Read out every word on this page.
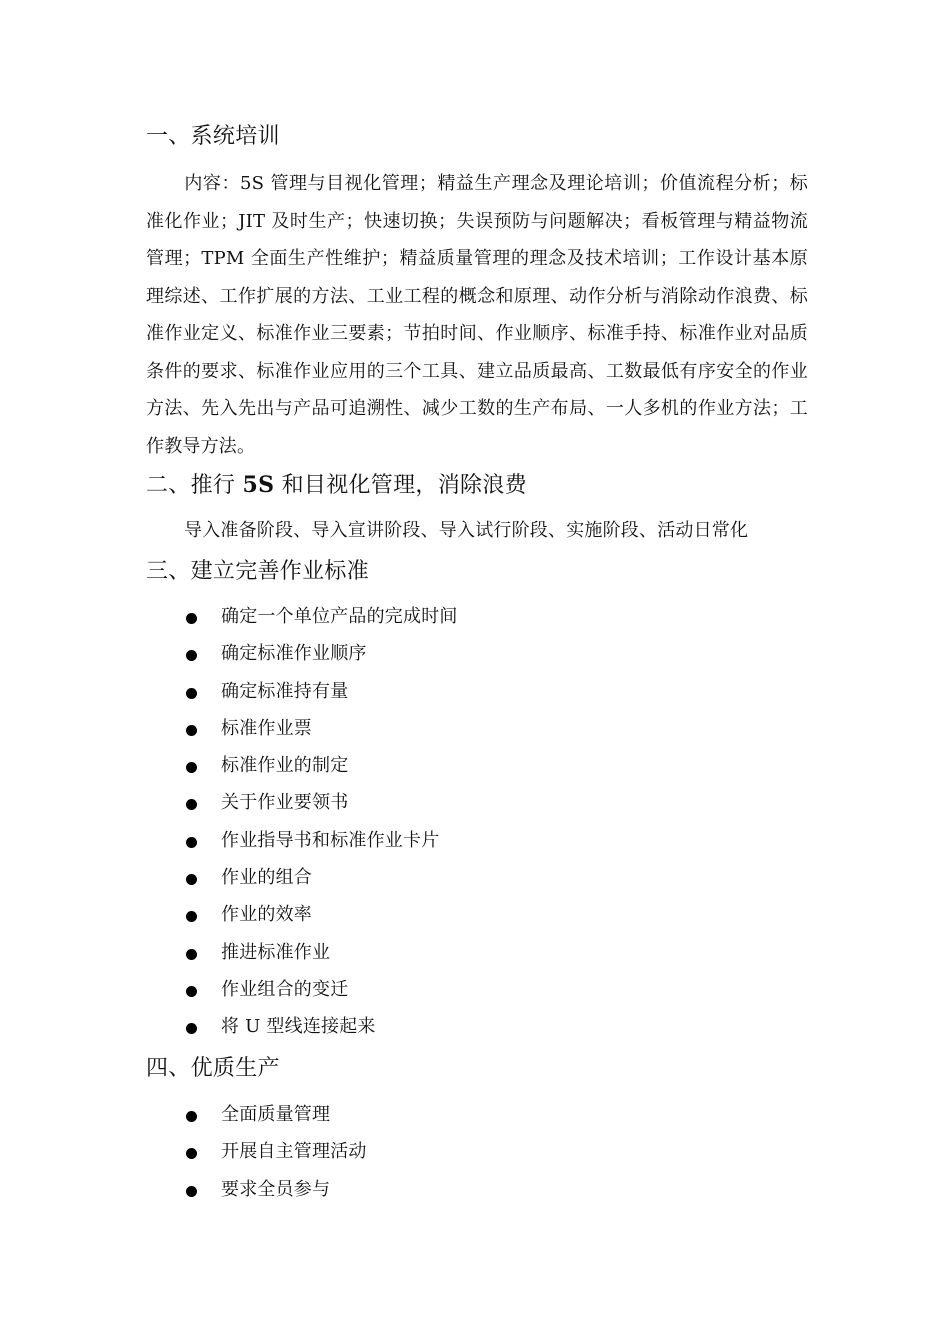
一、系统培训
内容：5S 管理与目视化管理；精益生产理念及理论培训；价值流程分析；标准化作业；JIT 及时生产；快速切换；失误预防与问题解决；看板管理与精益物流管理；TPM 全面生产性维护；精益质量管理的理念及技术培训；工作设计基本原理综述、工作扩展的方法、工业工程的概念和原理、动作分析与消除动作浪费、标准作业定义、标准作业三要素；节拍时间、作业顺序、标准手持、标准作业对品质条件的要求、标准作业应用的三个工具、建立品质最高、工数最低有序安全的作业方法、先入先出与产品可追溯性、减少工数的生产布局、一人多机的作业方法；工作教导方法。
二、推行 5S 和目视化管理，消除浪费
导入准备阶段、导入宣讲阶段、导入试行阶段、实施阶段、活动日常化
三、建立完善作业标准
确定一个单位产品的完成时间
确定标准作业顺序
确定标准持有量
标准作业票
标准作业的制定
关于作业要领书
作业指导书和标准作业卡片
作业的组合
作业的效率
推进标准作业
作业组合的变迁
将 U 型线连接起来
四、优质生产
全面质量管理
开展自主管理活动
要求全员参与
